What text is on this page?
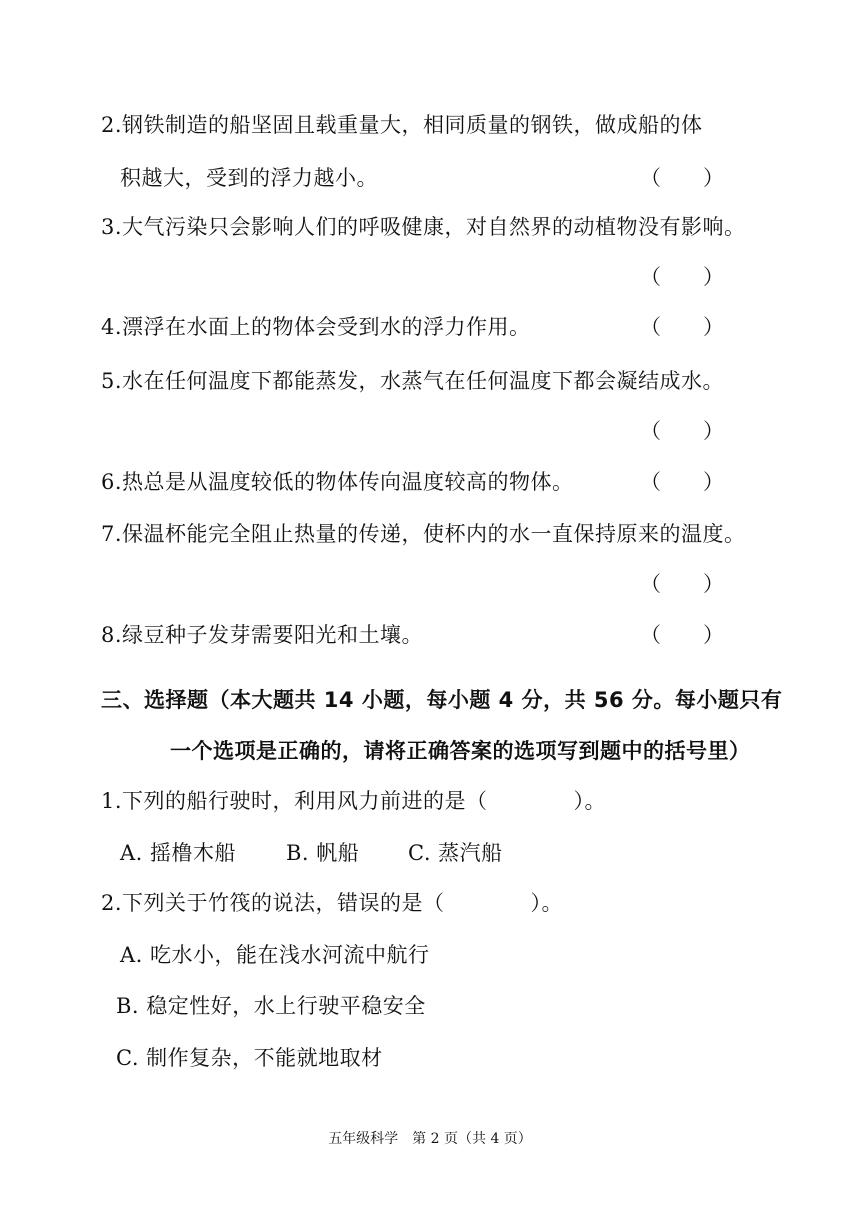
2.钢铁制造的船坚固且载重量大，相同质量的钢铁，做成船的体
积越大，受到的浮力越小。	（　　）
3.大气污染只会影响人们的呼吸健康，对自然界的动植物没有影响。
（　　）
4.漂浮在水面上的物体会受到水的浮力作用。	（　　）
5.水在任何温度下都能蒸发，水蒸气在任何温度下都会凝结成水。
（　　）
6.热总是从温度较低的物体传向温度较高的物体。	（　　）
7.保温杯能完全阻止热量的传递，使杯内的水一直保持原来的温度。
（　　）
8.绿豆种子发芽需要阳光和土壤。	（　　）
三、选择题（本大题共 14 小题，每小题 4 分，共 56 分。每小题只有
一个选项是正确的，请将正确答案的选项写到题中的括号里）
1.下列的船行驶时，利用风力前进的是（　　　　）。
A. 摇橹木船 B. 帆船 C. 蒸汽船
2.下列关于竹筏的说法，错误的是（　　　　）。
A. 吃水小，能在浅水河流中航行
B. 稳定性好，水上行驶平稳安全
C. 制作复杂，不能就地取材
五年级科学　第 2 页（共 4 页）
